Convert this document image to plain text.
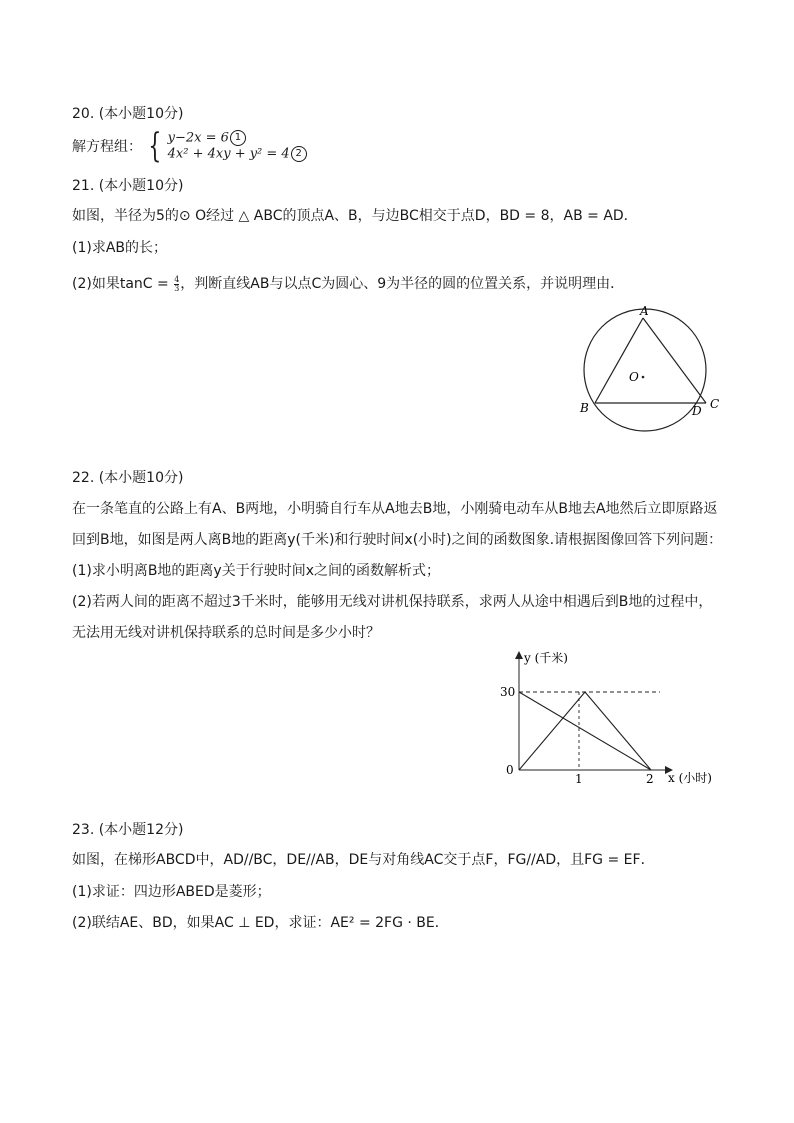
20. (本小题10分)
解方程组： { y−2x = 6 1
4x² + 4xy + y² = 4 2
21. (本小题10分)
如图，半径为5的⊙ O经过 △ ABC的顶点A、B，与边BC相交于点D，BD = 8，AB = AD．
(1)求AB的长；
(2)如果$\tan C = \frac{4}{3}$ ，判断直线AB与以点C为圆心、9为半径的圆的位置关系，并说明理由．
A
B	C
D
O
22. (本小题10分)
在一条笔直的公路上有A、B两地，小明骑自行车从A地去B地，小刚骑电动车从B地去A地然后立即原路返
回到B地，如图是两人离B地的距离y(千米)和行驶时间x(小时)之间的函数图象.请根据图像回答下列问题：
(1)求小明离B地的距离y关于行驶时间x之间的函数解析式；
(2)若两人间的距离不超过3千米时，能够用无线对讲机保持联系，求两人从途中相遇后到B地的过程中，
无法用无线对讲机保持联系的总时间是多少小时？
y (千米)
x (小时)
0
30
1	2
23. (本小题12分)
如图，在梯形ABCD中，AD//BC，DE//AB，DE与对角线AC交于点F，FG//AD，且FG = EF．
(1)求证：四边形ABED是菱形；
(2)联结AE、BD，如果AC ⊥ ED，求证：AE² = 2FG · BE．
